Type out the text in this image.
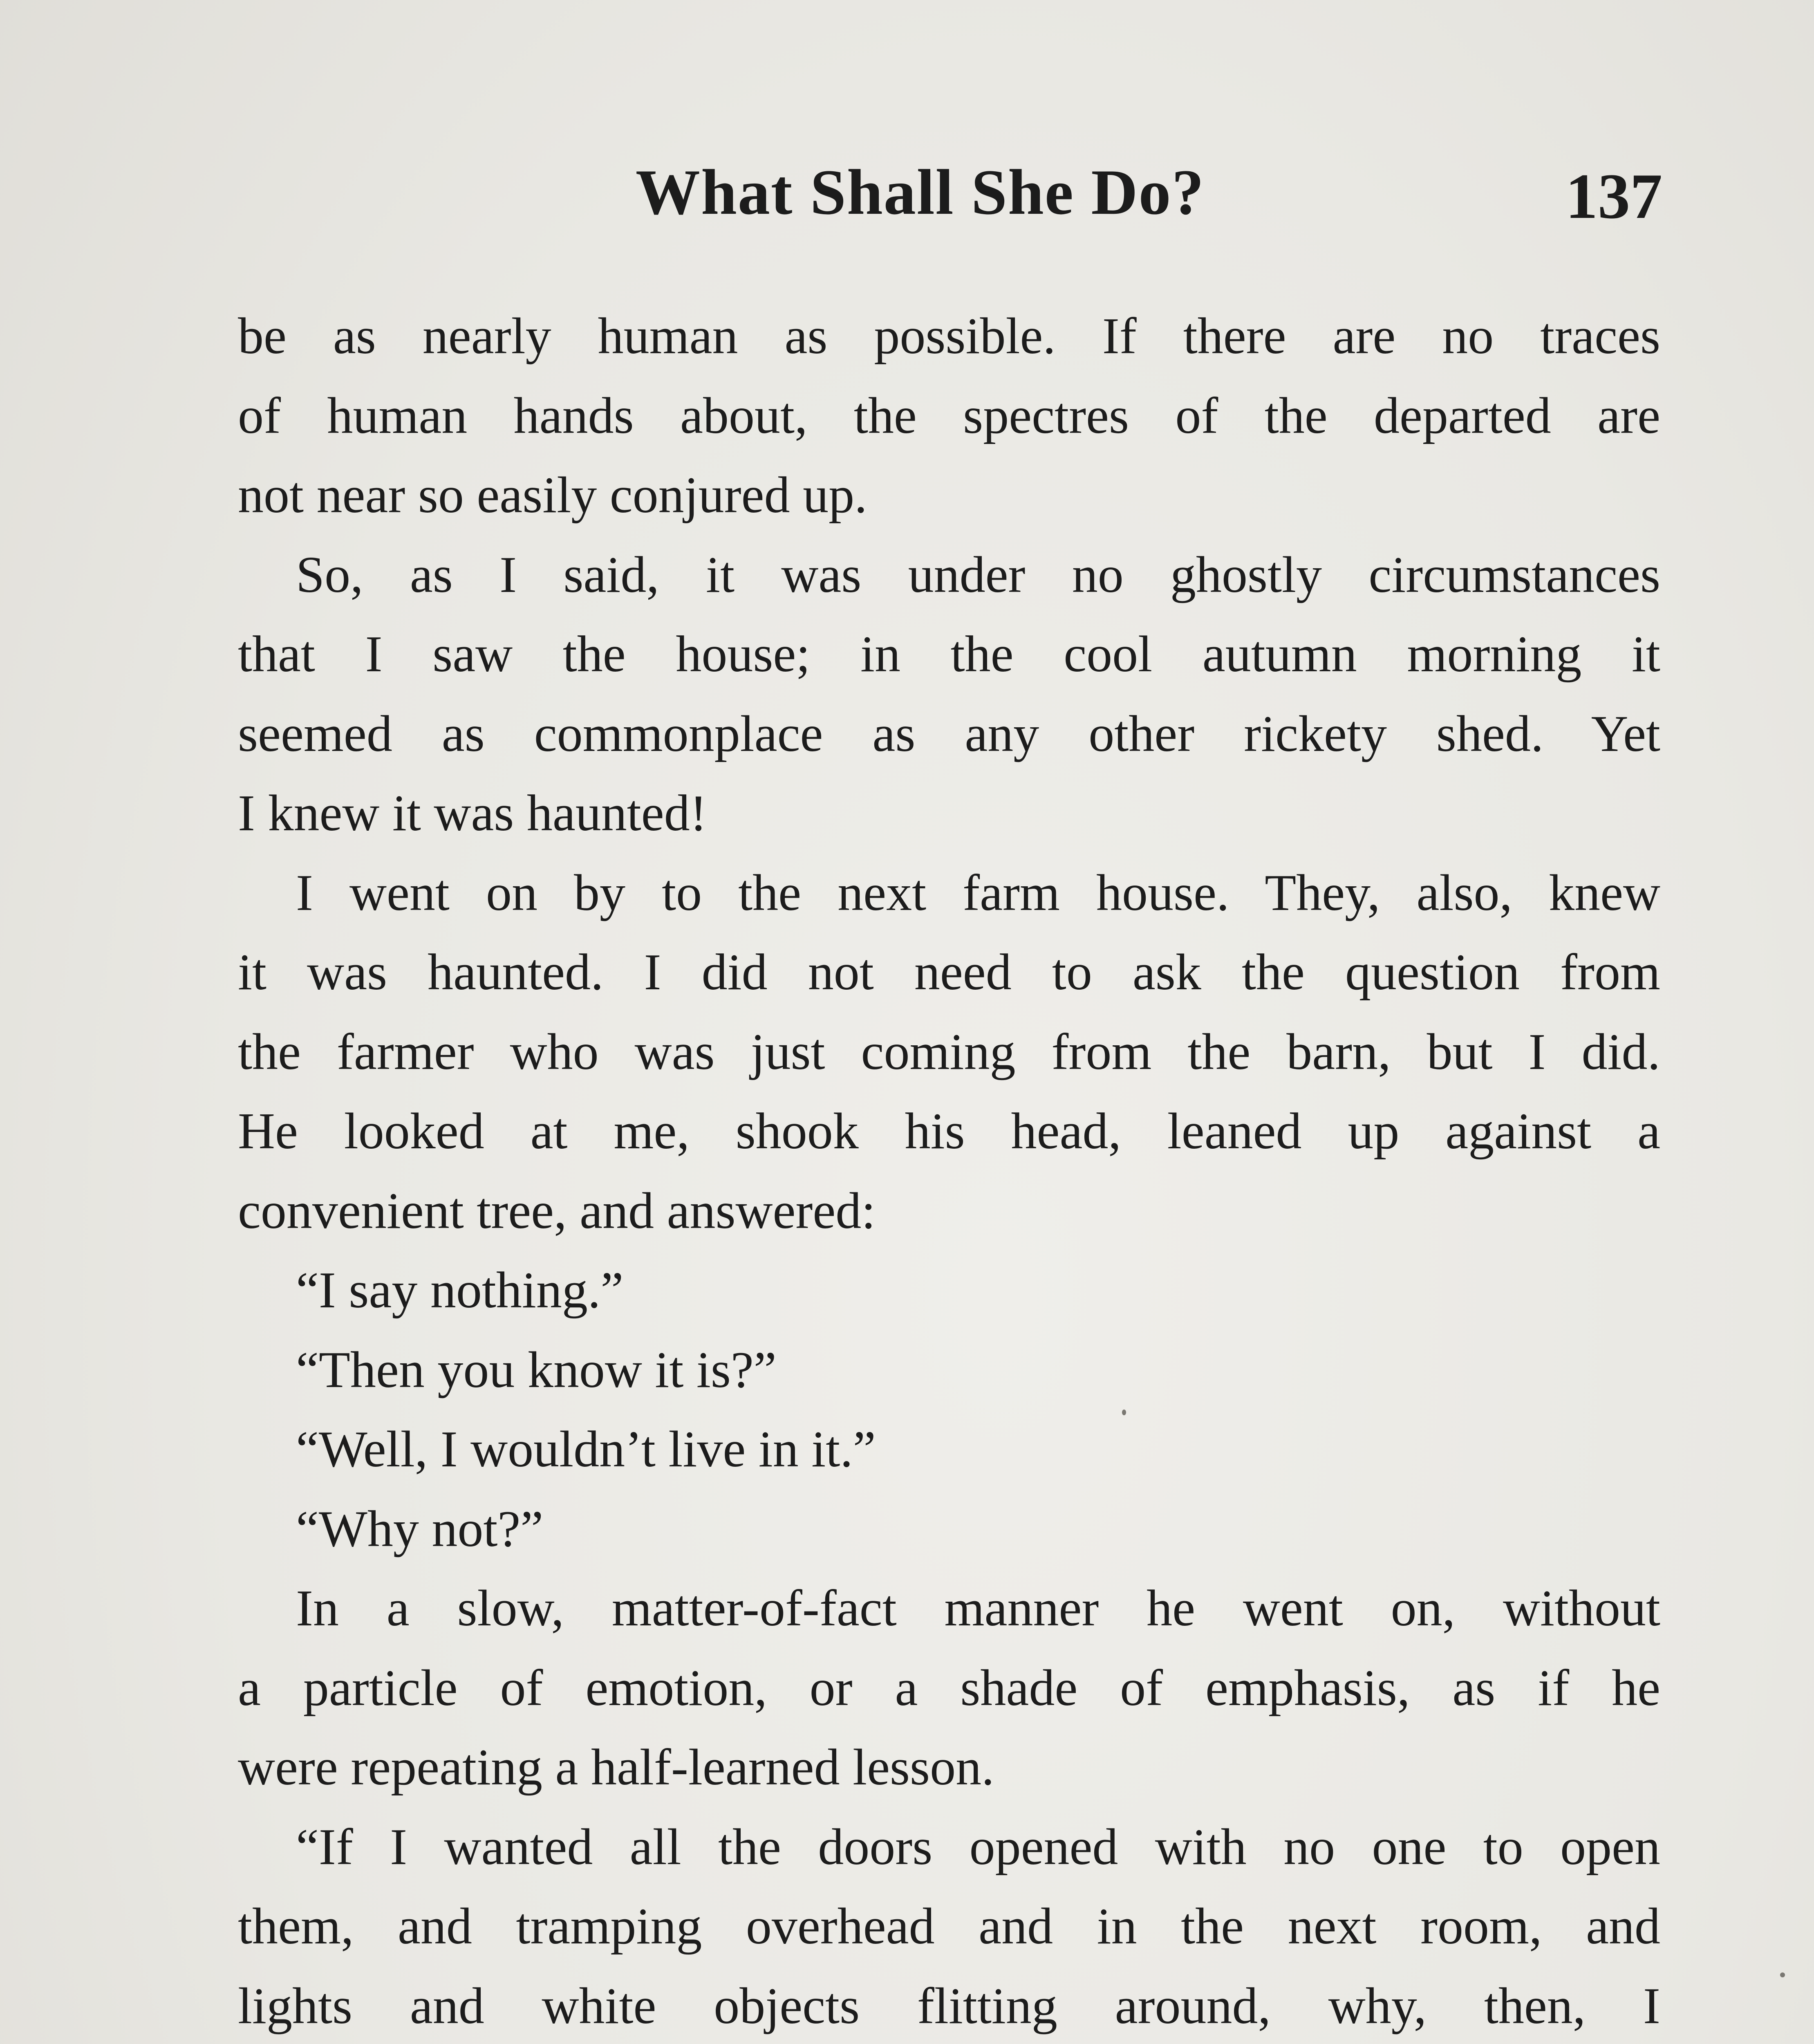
What Shall She Do?	137
be as nearly human as possible. If there are no traces
of human hands about, the spectres of the departed are
not near so easily conjured up.
So, as I said, it was under no ghostly circumstances
that I saw the house; in the cool autumn morning it
seemed as commonplace as any other rickety shed. Yet
I knew it was haunted!
I went on by to the next farm house. They, also, knew
it was haunted. I did not need to ask the question from
the farmer who was just coming from the barn, but I did.
He looked at me, shook his head, leaned up against a
convenient tree, and answered:
“I say nothing.”
“Then you know it is?”
“Well, I wouldn’t live in it.”
“Why not?”
In a slow, matter-of-fact manner he went on, without
a particle of emotion, or a shade of emphasis, as if he
were repeating a half-learned lesson.
“If I wanted all the doors opened with no one to open
them, and tramping overhead and in the next room, and
lights and white objects flitting around, why, then, I
